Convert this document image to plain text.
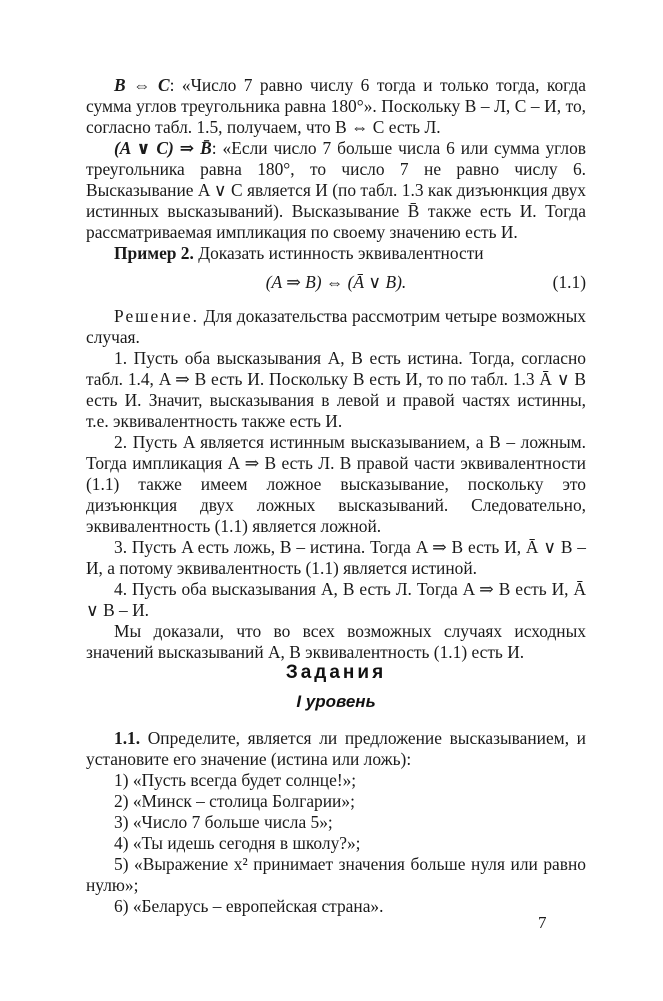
B ⇔ C: «Число 7 равно числу 6 тогда и только тогда, когда сумма углов треугольника равна 180°». Поскольку B – Л, C – И, то, согласно табл. 1.5, получаем, что B ⇔ C есть Л.

(A ∨ C) ⇒ B̄: «Если число 7 больше числа 6 или сумма углов треугольника равна 180°, то число 7 не равно числу 6. Высказывание A ∨ C является И (по табл. 1.3 как дизъюнкция двух истинных высказываний). Высказывание B̄ также есть И. Тогда рассматриваемая импликация по своему значению есть И.

Пример 2. Доказать истинность эквивалентности

(A ⇒ B) ⇔ (Ā ∨ B).	(1.1)

Решение. Для доказательства рассмотрим четыре возможных случая.

1. Пусть оба высказывания A, B есть истина. Тогда, согласно табл. 1.4, A ⇒ B есть И. Поскольку B есть И, то по табл. 1.3 Ā ∨ B есть И. Значит, высказывания в левой и правой частях истинны, т.е. эквивалентность также есть И.

2. Пусть A является истинным высказыванием, а B – ложным. Тогда импликация A ⇒ B есть Л. В правой части эквивалентности (1.1) также имеем ложное высказывание, поскольку это дизъюнкция двух ложных высказываний. Следовательно, эквивалентность (1.1) является ложной.

3. Пусть A есть ложь, B – истина. Тогда A ⇒ B есть И, Ā ∨ B – И, а потому эквивалентность (1.1) является истиной.

4. Пусть оба высказывания A, B есть Л. Тогда A ⇒ B есть И, Ā ∨ B – И.

Мы доказали, что во всех возможных случаях исходных значений высказываний A, B эквивалентность (1.1) есть И.

Задания
I уровень

1.1. Определите, является ли предложение высказыванием, и установите его значение (истина или ложь):

1) «Пусть всегда будет солнце!»;

2) «Минск – столица Болгарии»;

3) «Число 7 больше числа 5»;

4) «Ты идешь сегодня в школу?»;

5) «Выражение x² принимает значения больше нуля или равно нулю»;

6) «Беларусь – европейская страна».

7
